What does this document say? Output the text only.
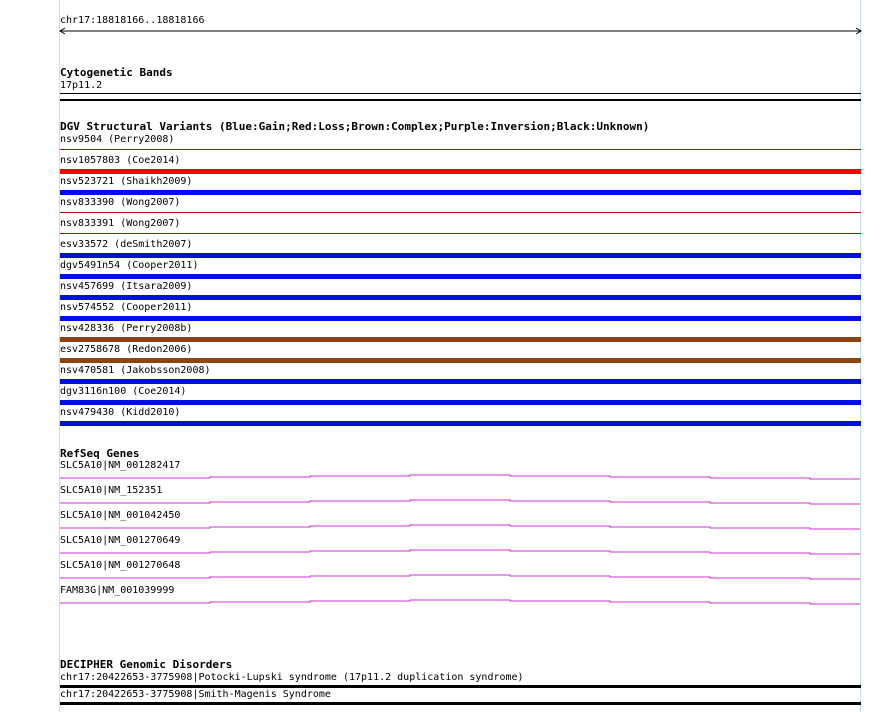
chr17:18818166..18818166
Cytogenetic Bands
17p11.2
DGV Structural Variants (Blue:Gain;Red:Loss;Brown:Complex;Purple:Inversion;Black:Unknown)
nsv9504 (Perry2008)
nsv1057803 (Coe2014)
nsv523721 (Shaikh2009)
nsv833390 (Wong2007)
nsv833391 (Wong2007)
esv33572 (deSmith2007)
dgv5491n54 (Cooper2011)
nsv457699 (Itsara2009)
nsv574552 (Cooper2011)
nsv428336 (Perry2008b)
esv2758678 (Redon2006)
nsv470581 (Jakobsson2008)
dgv3116n100 (Coe2014)
nsv479430 (Kidd2010)
RefSeq Genes
SLC5A10|NM_001282417
SLC5A10|NM_152351
SLC5A10|NM_001042450
SLC5A10|NM_001270649
SLC5A10|NM_001270648
FAM83G|NM_001039999
DECIPHER Genomic Disorders
chr17:20422653-3775908|Potocki-Lupski syndrome (17p11.2 duplication syndrome)
chr17:20422653-3775908|Smith-Magenis Syndrome
